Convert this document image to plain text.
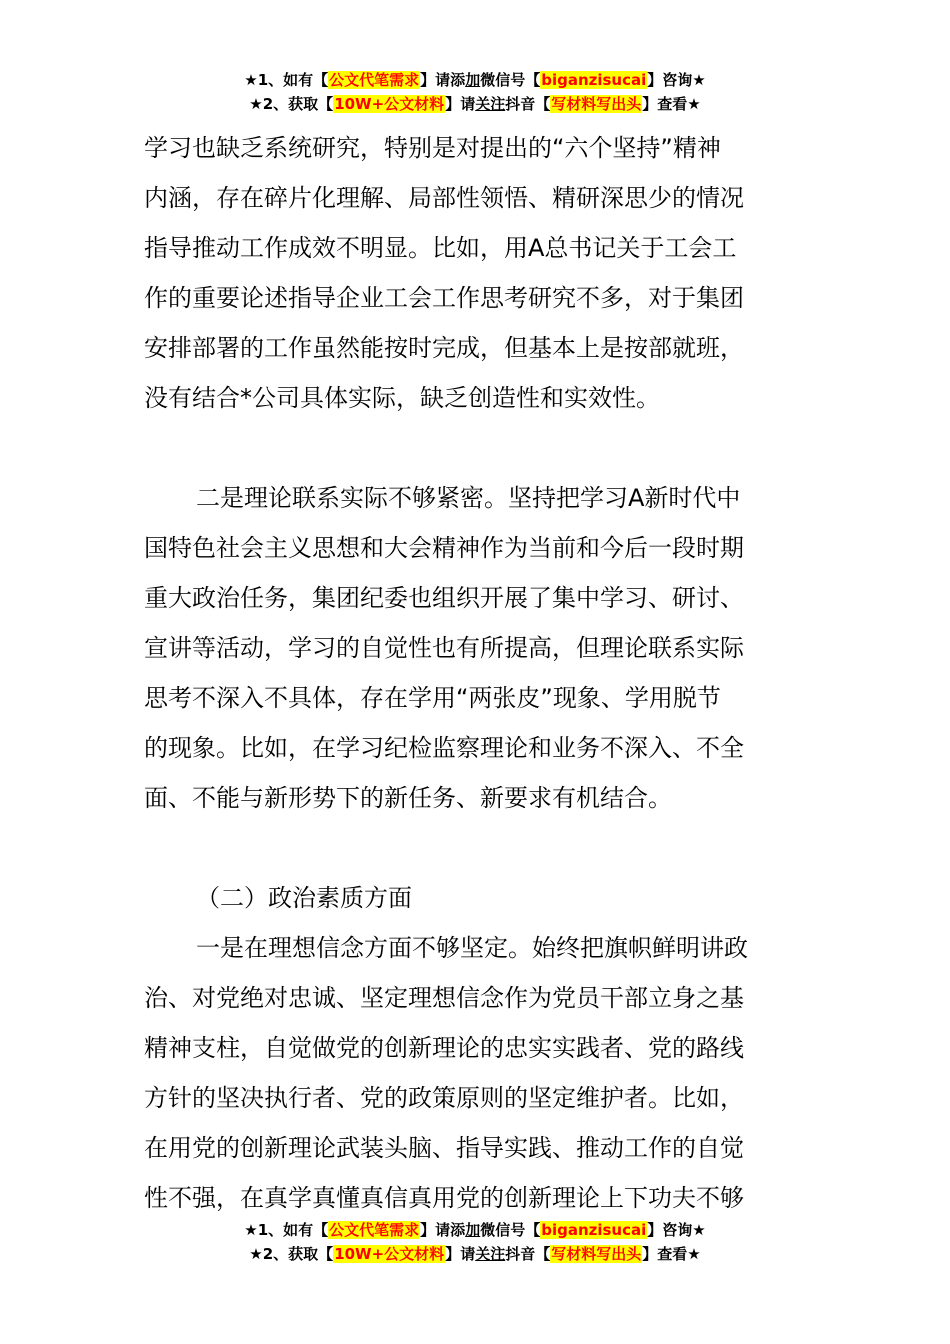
★1、如有【公文代笔需求】请添加微信号【biganzisucai】咨询★
★2、获取【10W+公文材料】请关注抖音【写材料写出头】查看★

学习也缺乏系统研究，特别是对提出的“六个坚持”精神

内涵，存在碎片化理解、局部性领悟、精研深思少的情况

指导推动工作成效不明显。比如，用A总书记关于工会工

作的重要论述指导企业工会工作思考研究不多，对于集团

安排部署的工作虽然能按时完成，但基本上是按部就班，

没有结合*公司具体实际，缺乏创造性和实效性。

二是理论联系实际不够紧密。坚持把学习A新时代中

国特色社会主义思想和大会精神作为当前和今后一段时期

重大政治任务，集团纪委也组织开展了集中学习、研讨、

宣讲等活动，学习的自觉性也有所提高，但理论联系实际

思考不深入不具体，存在学用“两张皮”现象、学用脱节

的现象。比如，在学习纪检监察理论和业务不深入、不全

面、不能与新形势下的新任务、新要求有机结合。

（二）政治素质方面

一是在理想信念方面不够坚定。始终把旗帜鲜明讲政

治、对党绝对忠诚、坚定理想信念作为党员干部立身之基

精神支柱，自觉做党的创新理论的忠实实践者、党的路线

方针的坚决执行者、党的政策原则的坚定维护者。比如，

在用党的创新理论武装头脑、指导实践、推动工作的自觉

性不强，在真学真懂真信真用党的创新理论上下功夫不够

★1、如有【公文代笔需求】请添加微信号【biganzisucai】咨询★
★2、获取【10W+公文材料】请关注抖音【写材料写出头】查看★
